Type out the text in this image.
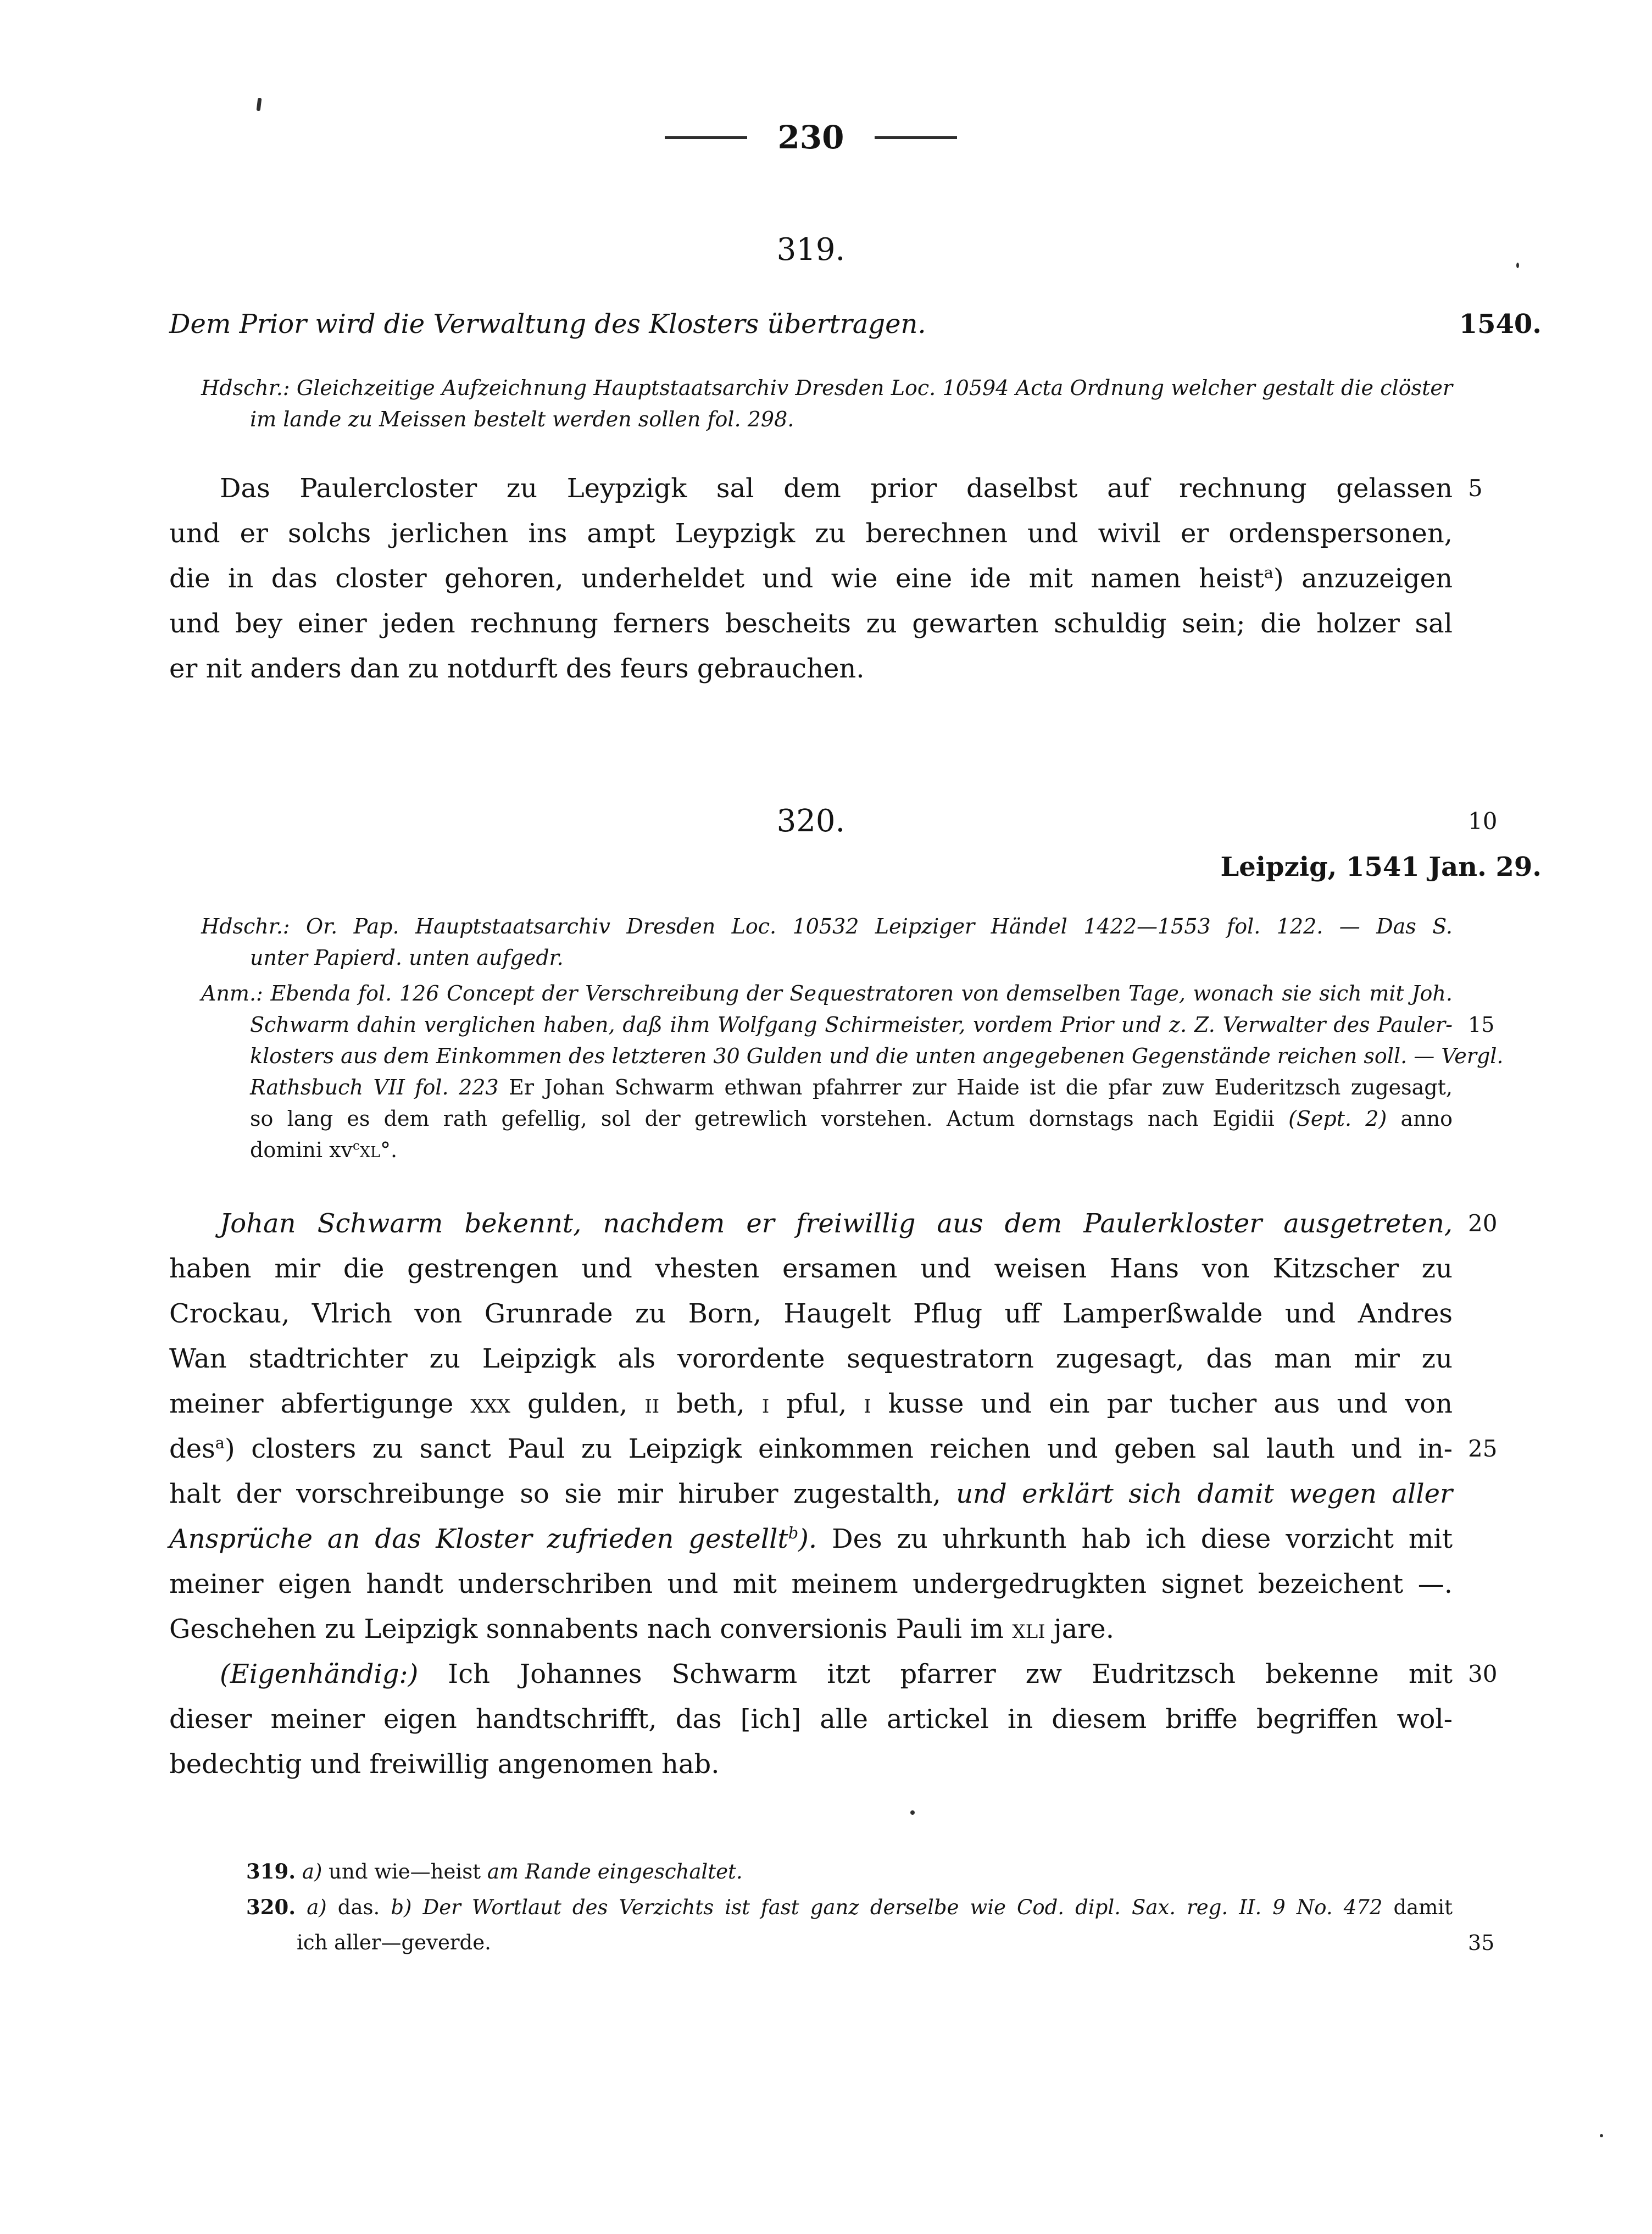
230
319.
Dem Prior wird die Verwaltung des Klosters übertragen.	1540.
Hdschr.: Gleichzeitige Aufzeichnung Hauptstaatsarchiv Dresden Loc. 10594 Acta Ordnung welcher gestalt die clöster
im lande zu Meissen bestelt werden sollen fol. 298.
Das Paulercloster zu Leypzigk sal dem prior daselbst auf rechnung gelassen 5
und er solchs jerlichen ins ampt Leypzigk zu berechnen und wivil er ordenspersonen,
die in das closter gehoren, underheldet und wie eine ide mit namen heist$^a$) anzuzeigen
und bey einer jeden rechnung ferners bescheits zu gewarten schuldig sein; die holzer sal
er nit anders dan zu notdurft des feurs gebrauchen.
320.	10
Leipzig, 1541 Jan. 29.
Hdschr.: Or. Pap. Hauptstaatsarchiv Dresden Loc. 10532 Leipziger Händel 1422—1553 fol. 122. — Das S.
unter Papierd. unten aufgedr.
Anm.: Ebenda fol. 126 Concept der Verschreibung der Sequestratoren von demselben Tage, wonach sie sich mit Joh.
Schwarm dahin verglichen haben, daß ihm Wolfgang Schirmeister, vordem Prior und z. Z. Verwalter des Pauler- 15
klosters aus dem Einkommen des letzteren 30 Gulden und die unten angegebenen Gegenstände reichen soll. — Vergl.
Rathsbuch VII fol. 223 Er Johan Schwarm ethwan pfahrrer zur Haide ist die pfar zuw Euderitzsch zugesagt,
so lang es dem rath gefellig, sol der getrewlich vorstehen. Actum dornstags nach Egidii (Sept. 2) anno
domini $xv^cxl^\circ$.
Johan Schwarm bekennt, nachdem er freiwillig aus dem Paulerkloster ausgetreten, 20
haben mir die gestrengen und vhesten ersamen und weisen Hans von Kitzscher zu
Crockau, Vlrich von Grunrade zu Born, Haugelt Pflug uff Lamperßwalde und Andres
Wan stadtrichter zu Leipzigk als vorordente sequestratorn zugesagt, das man mir zu
meiner abfertigunge xxx gulden, ii beth, i pful, i kusse und ein par tucher aus und von
des$^a$) closters zu sanct Paul zu Leipzigk einkommen reichen und geben sal lauth und in- 25
halt der vorschreibunge so sie mir hiruber zugestalth, und erklärt sich damit wegen aller
Ansprüche an das Kloster zufrieden gestellt$^b$). Des zu uhrkunth hab ich diese vorzicht mit
meiner eigen handt underschriben und mit meinem undergedrugkten signet bezeichent —.
Geschehen zu Leipzigk sonnabents nach conversionis Pauli im xli jare.
(Eigenhändig:) Ich Johannes Schwarm itzt pfarrer zw Eudritzsch bekenne mit 30
dieser meiner eigen handtschrifft, das [ich] alle artickel in diesem briffe begriffen wol-
bedechtig und freiwillig angenomen hab.
319. a) und wie—heist am Rande eingeschaltet.
320. a) das. b) Der Wortlaut des Verzichts ist fast ganz derselbe wie Cod. dipl. Sax. reg. II. 9 No. 472 damit
ich aller—geverde.	35
